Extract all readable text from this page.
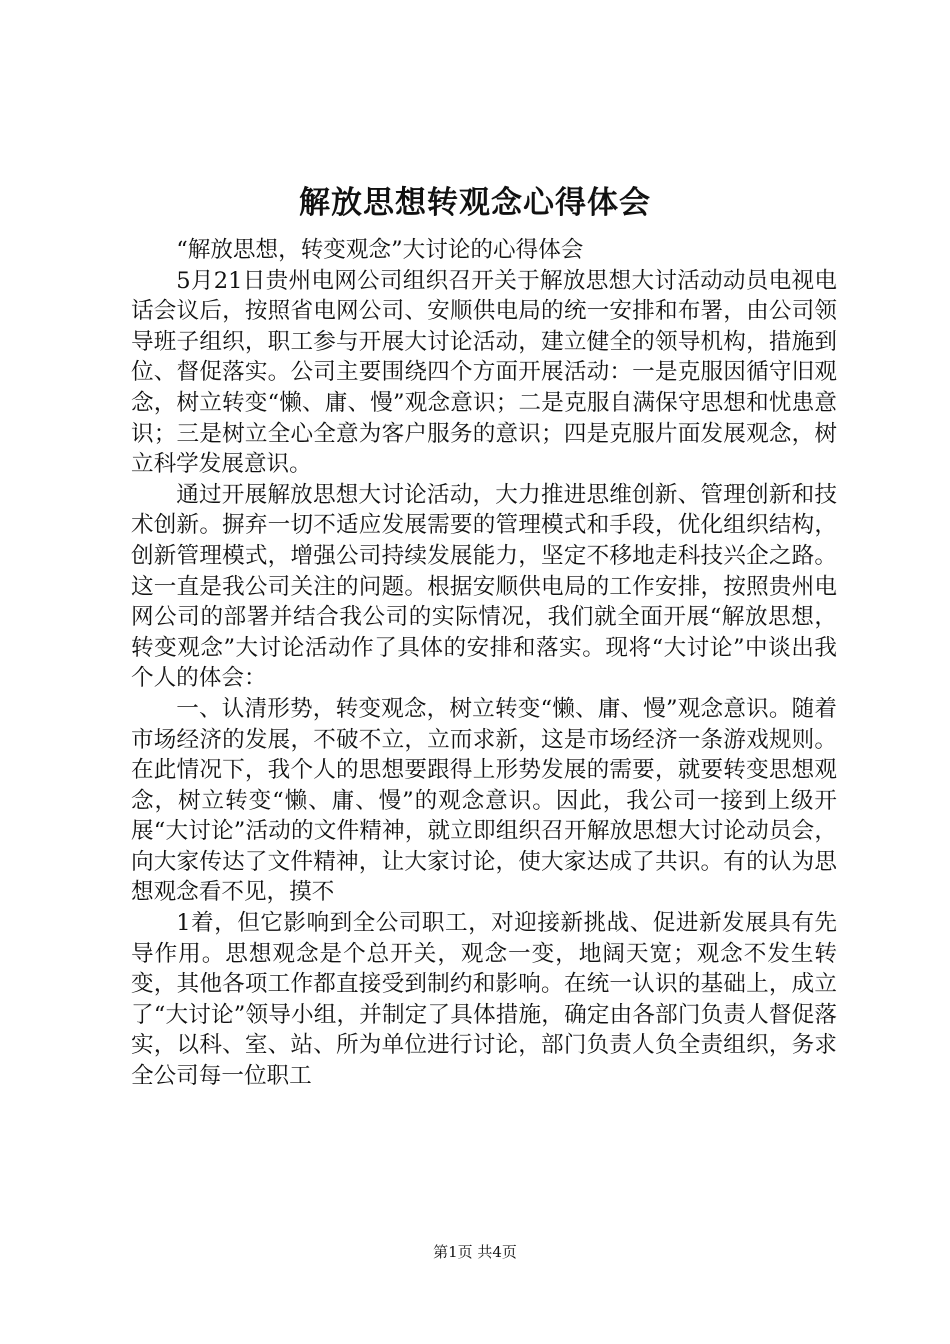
解放思想转观念心得体会

“解放思想，转变观念”大讨论的心得体会

5月21日贵州电网公司组织召开关于解放思想大讨活动动员电视电话会议后，按照省电网公司、安顺供电局的统一安排和布署，由公司领导班子组织，职工参与开展大讨论活动，建立健全的领导机构，措施到位、督促落实。公司主要围绕四个方面开展活动：一是克服因循守旧观念，树立转变“懒、庸、慢”观念意识；二是克服自满保守思想和忧患意识；三是树立全心全意为客户服务的意识；四是克服片面发展观念，树立科学发展意识。

通过开展解放思想大讨论活动，大力推进思维创新、管理创新和技术创新。摒弃一切不适应发展需要的管理模式和手段，优化组织结构，创新管理模式，增强公司持续发展能力，坚定不移地走科技兴企之路。这一直是我公司关注的问题。根据安顺供电局的工作安排，按照贵州电网公司的部署并结合我公司的实际情况，我们就全面开展“解放思想，转变观念”大讨论活动作了具体的安排和落实。现将“大讨论”中谈出我个人的体会：

一、认清形势，转变观念，树立转变“懒、庸、慢”观念意识。随着市场经济的发展，不破不立，立而求新，这是市场经济一条游戏规则。在此情况下，我个人的思想要跟得上形势发展的需要，就要转变思想观念，树立转变“懒、庸、慢”的观念意识。因此，我公司一接到上级开展“大讨论”活动的文件精神，就立即组织召开解放思想大讨论动员会，向大家传达了文件精神，让大家讨论，使大家达成了共识。有的认为思想观念看不见，摸不

1着，但它影响到全公司职工，对迎接新挑战、促进新发展具有先导作用。思想观念是个总开关，观念一变，地阔天宽；观念不发生转变，其他各项工作都直接受到制约和影响。在统一认识的基础上，成立了“大讨论”领导小组，并制定了具体措施，确定由各部门负责人督促落实，以科、室、站、所为单位进行讨论，部门负责人负全责组织，务求全公司每一位职工

第1页 共4页
